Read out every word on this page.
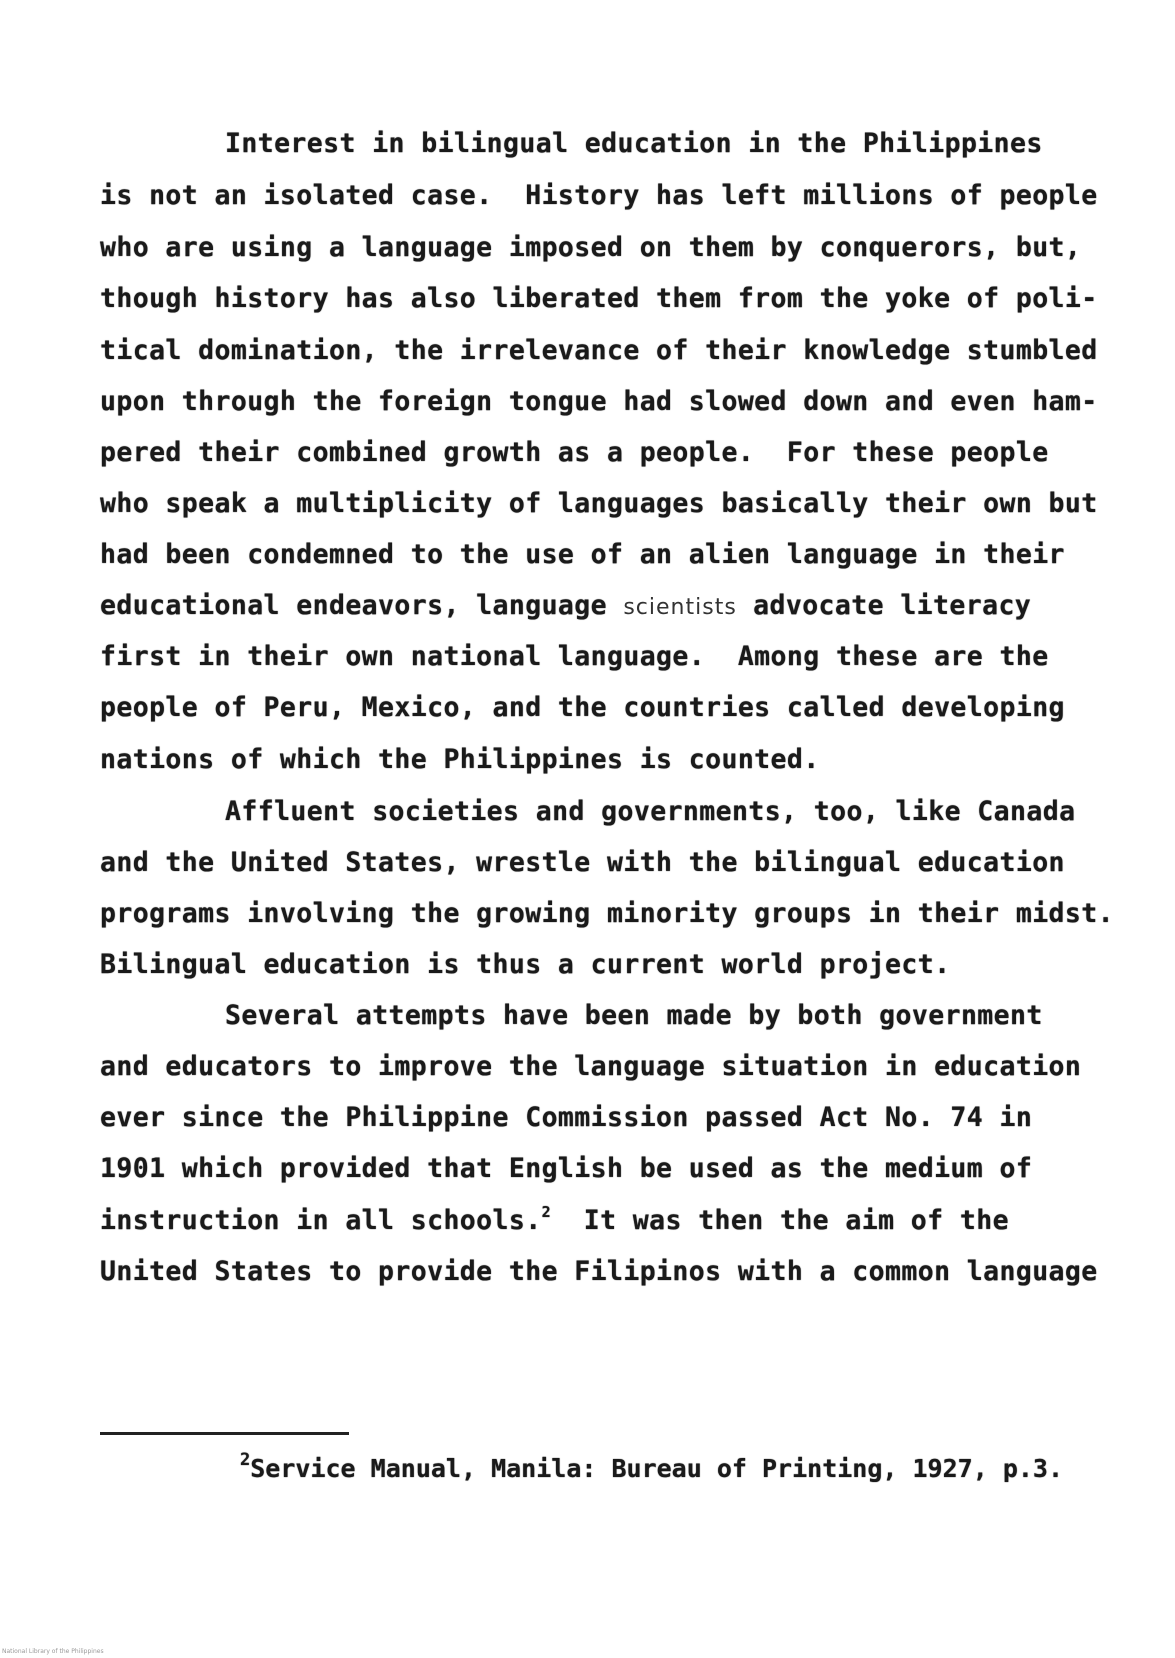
Interest in bilingual education in the Philippines
is not an isolated case.  History has left millions of people
who are using a language imposed on them by conquerors, but,
though history has also liberated them from the yoke of poli-
tical domination, the irrelevance of their knowledge stumbled
upon through the foreign tongue had slowed down and even ham-
pered their combined growth as a people.  For these people
who speak a multiplicity of languages basically their own but
had been condemned to the use of an alien language in their
educational endeavors, language scientists advocate literacy
first in their own national language.  Among these are the
people of Peru, Mexico, and the countries called developing
nations of which the Philippines is counted.
Affluent societies and governments, too, like Canada
and the United States, wrestle with the bilingual education
programs involving the growing minority groups in their midst.
Bilingual education is thus a current world project.
Several attempts have been made by both government
and educators to improve the language situation in education
ever since the Philippine Commission passed Act No. 74 in
1901 which provided that English be used as the medium of
instruction in all schools.$^2$  It was then the aim of the
United States to provide the Filipinos with a common language
$^2$Service Manual, Manila: Bureau of Printing, 1927, p.3.
National Library of the Philippines
